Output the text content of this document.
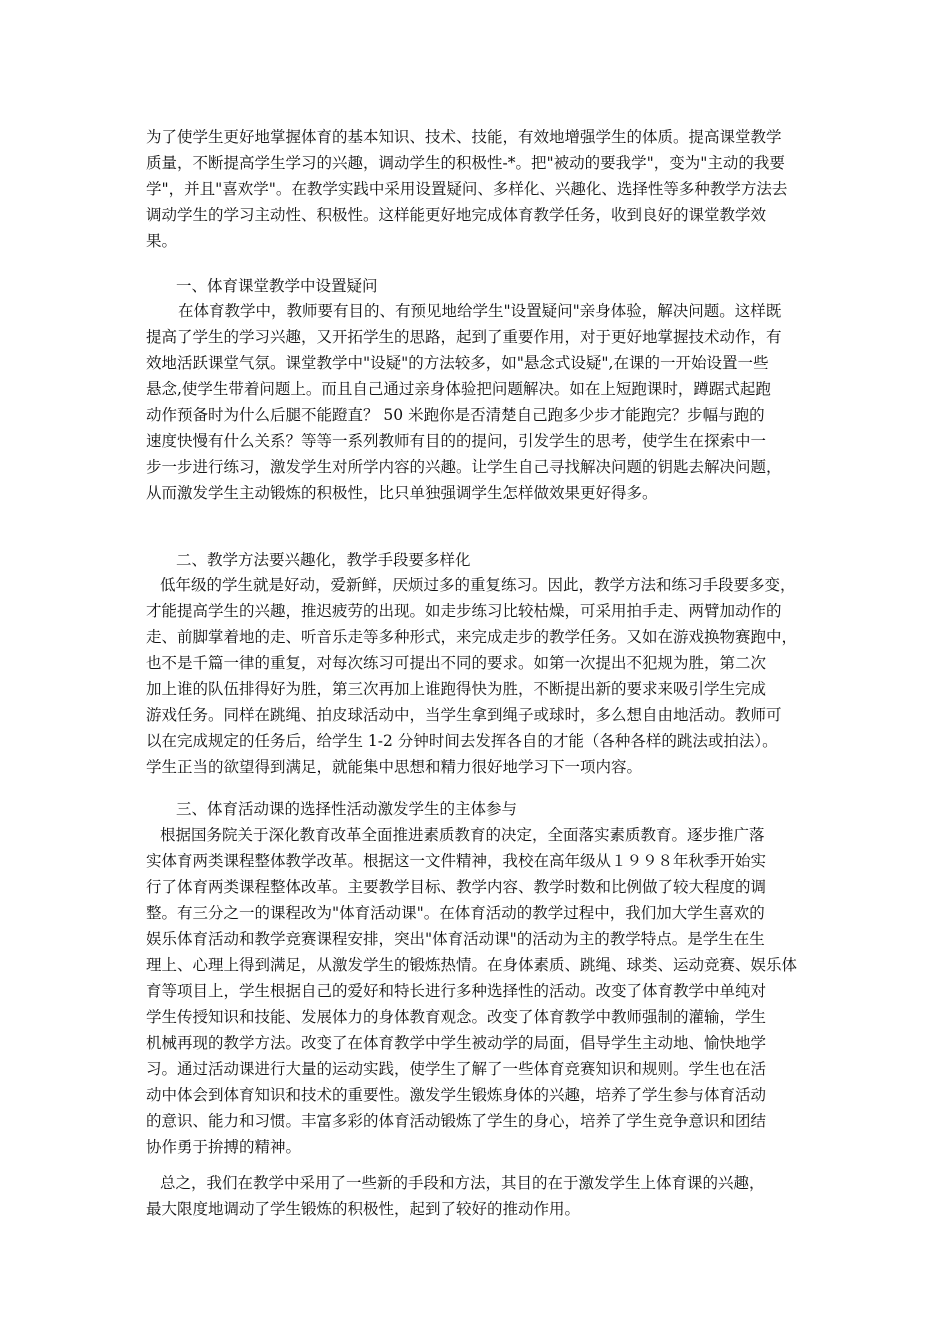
为了使学生更好地掌握体育的基本知识、技术、技能，有效地增强学生的体质。提高课堂教学
质量，不断提高学生学习的兴趣，调动学生的积极性-*。把"被动的要我学"，变为"主动的我要
学"，并且"喜欢学"。在教学实践中采用设置疑问、多样化、兴趣化、选择性等多种教学方法去
调动学生的学习主动性、积极性。这样能更好地完成体育教学任务，收到良好的课堂教学效
果。
一、体育课堂教学中设置疑问
在体育教学中，教师要有目的、有预见地给学生"设置疑问"亲身体验，解决问题。这样既
提高了学生的学习兴趣，又开拓学生的思路，起到了重要作用，对于更好地掌握技术动作，有
效地活跃课堂气氛。课堂教学中"设疑"的方法较多，如"悬念式设疑",在课的一开始设置一些
悬念,使学生带着问题上。而且自己通过亲身体验把问题解决。如在上短跑课时，蹲踞式起跑
动作预备时为什么后腿不能蹬直？ 50 米跑你是否清楚自己跑多少步才能跑完？步幅与跑的
速度快慢有什么关系？等等一系列教师有目的的提问，引发学生的思考，使学生在探索中一
步一步进行练习，激发学生对所学内容的兴趣。让学生自己寻找解决问题的钥匙去解决问题，
从而激发学生主动锻炼的积极性，比只单独强调学生怎样做效果更好得多。
二、教学方法要兴趣化，教学手段要多样化
低年级的学生就是好动，爱新鲜，厌烦过多的重复练习。因此，教学方法和练习手段要多变，
才能提高学生的兴趣，推迟疲劳的出现。如走步练习比较枯燥，可采用拍手走、两臂加动作的
走、前脚掌着地的走、听音乐走等多种形式，来完成走步的教学任务。又如在游戏换物赛跑中，
也不是千篇一律的重复，对每次练习可提出不同的要求。如第一次提出不犯规为胜，第二次
加上谁的队伍排得好为胜，第三次再加上谁跑得快为胜，不断提出新的要求来吸引学生完成
游戏任务。同样在跳绳、拍皮球活动中，当学生拿到绳子或球时，多么想自由地活动。教师可
以在完成规定的任务后，给学生 1-2 分钟时间去发挥各自的才能（各种各样的跳法或拍法）。
学生正当的欲望得到满足，就能集中思想和精力很好地学习下一项内容。
三、体育活动课的选择性活动激发学生的主体参与
根据国务院关于深化教育改革全面推进素质教育的决定，全面落实素质教育。逐步推广落
实体育两类课程整体教学改革。根据这一文件精神，我校在高年级从１９９８年秋季开始实
行了体育两类课程整体改革。主要教学目标、教学内容、教学时数和比例做了较大程度的调
整。有三分之一的课程改为"体育活动课"。在体育活动的教学过程中，我们加大学生喜欢的
娱乐体育活动和教学竞赛课程安排，突出"体育活动课"的活动为主的教学特点。是学生在生
理上、心理上得到满足，从激发学生的锻炼热情。在身体素质、跳绳、球类、运动竞赛、娱乐体
育等项目上，学生根据自己的爱好和特长进行多种选择性的活动。改变了体育教学中单纯对
学生传授知识和技能、发展体力的身体教育观念。改变了体育教学中教师强制的灌输，学生
机械再现的教学方法。改变了在体育教学中学生被动学的局面，倡导学生主动地、愉快地学
习。通过活动课进行大量的运动实践，使学生了解了一些体育竞赛知识和规则。学生也在活
动中体会到体育知识和技术的重要性。激发学生锻炼身体的兴趣，培养了学生参与体育活动
的意识、能力和习惯。丰富多彩的体育活动锻炼了学生的身心，培养了学生竞争意识和团结
协作勇于拚搏的精神。
总之，我们在教学中采用了一些新的手段和方法，其目的在于激发学生上体育课的兴趣，
最大限度地调动了学生锻炼的积极性，起到了较好的推动作用。
